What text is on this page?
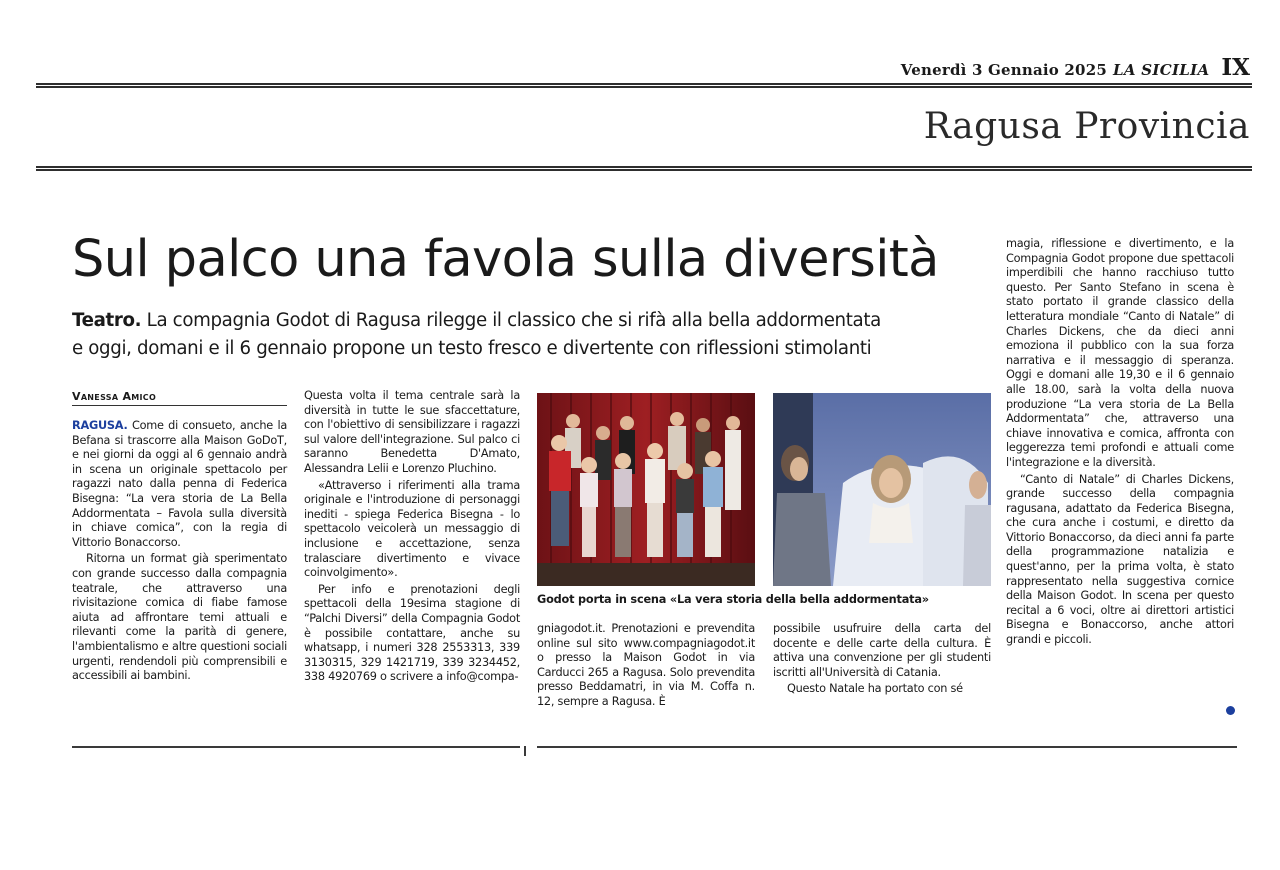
Venerdì 3 Gennaio 2025 LA SICILIA IX
Ragusa Provincia
Sul palco una favola sulla diversità
Teatro. La compagnia Godot di Ragusa rilegge il classico che si rifà alla bella addormentata
e oggi, domani e il 6 gennaio propone un testo fresco e divertente con riflessioni stimolanti
Vanessa Amico

RAGUSA. Come di consueto, anche la Befana si trascorre alla Maison GoDoT, e nei giorni da oggi al 6 gennaio andrà in scena un originale spettacolo per ragazzi nato dalla penna di Federica Bisegna: “La vera storia de La Bella Addormentata – Favola sulla diversità in chiave comica”, con la regia di Vittorio Bonaccorso.

Ritorna un format già sperimentato con grande successo dalla compagnia teatrale, che attraverso una rivisitazione comica di fiabe famose aiuta ad affrontare temi attuali e rilevanti come la parità di genere, l'ambientalismo e altre questioni sociali urgenti, rendendoli più comprensibili e accessibili ai bambini.

Questa volta il tema centrale sarà la diversità in tutte le sue sfaccettature, con l'obiettivo di sensibilizzare i ragazzi sul valore dell'integrazione. Sul palco ci saranno Benedetta D'Amato, Alessandra Lelii e Lorenzo Pluchino.

«Attraverso i riferimenti alla trama originale e l'introduzione di personaggi inediti - spiega Federica Bisegna - lo spettacolo veicolerà un messaggio di inclusione e accettazione, senza tralasciare divertimento e vivace coinvolgimento».

Per info e prenotazioni degli spettacoli della 19esima stagione di “Palchi Diversi” della Compagnia Godot è possibile contattare, anche su whatsapp, i numeri 328 2553313, 339 3130315, 329 1421719, 339 3234452, 338 4920769 o scrivere a info@compa-

Godot porta in scena «La vera storia della bella addormentata»

gniagodot.it. Prenotazioni e prevendita online sul sito www.compagniagodot.it o presso la Maison Godot in via Carducci 265 a Ragusa. Solo prevendita presso Beddamatri, in via M. Coffa n. 12, sempre a Ragusa. È

possibile usufruire della carta del docente e delle carte della cultura. È attiva una convenzione per gli studenti iscritti all'Università di Catania.

Questo Natale ha portato con sé

magia, riflessione e divertimento, e la Compagnia Godot propone due spettacoli imperdibili che hanno racchiuso tutto questo. Per Santo Stefano in scena è stato portato il grande classico della letteratura mondiale “Canto di Natale” di Charles Dickens, che da dieci anni emoziona il pubblico con la sua forza narrativa e il messaggio di speranza. Oggi e domani alle 19,30 e il 6 gennaio alle 18.00, sarà la volta della nuova produzione “La vera storia de La Bella Addormentata” che, attraverso una chiave innovativa e comica, affronta con leggerezza temi profondi e attuali come l'integrazione e la diversità.

“Canto di Natale” di Charles Dickens, grande successo della compagnia ragusana, adattato da Federica Bisegna, che cura anche i costumi, e diretto da Vittorio Bonaccorso, da dieci anni fa parte della programmazione natalizia e quest'anno, per la prima volta, è stato rappresentato nella suggestiva cornice della Maison Godot. In scena per questo recital a 6 voci, oltre ai direttori artistici Bisegna e Bonaccorso, anche attori grandi e piccoli.
